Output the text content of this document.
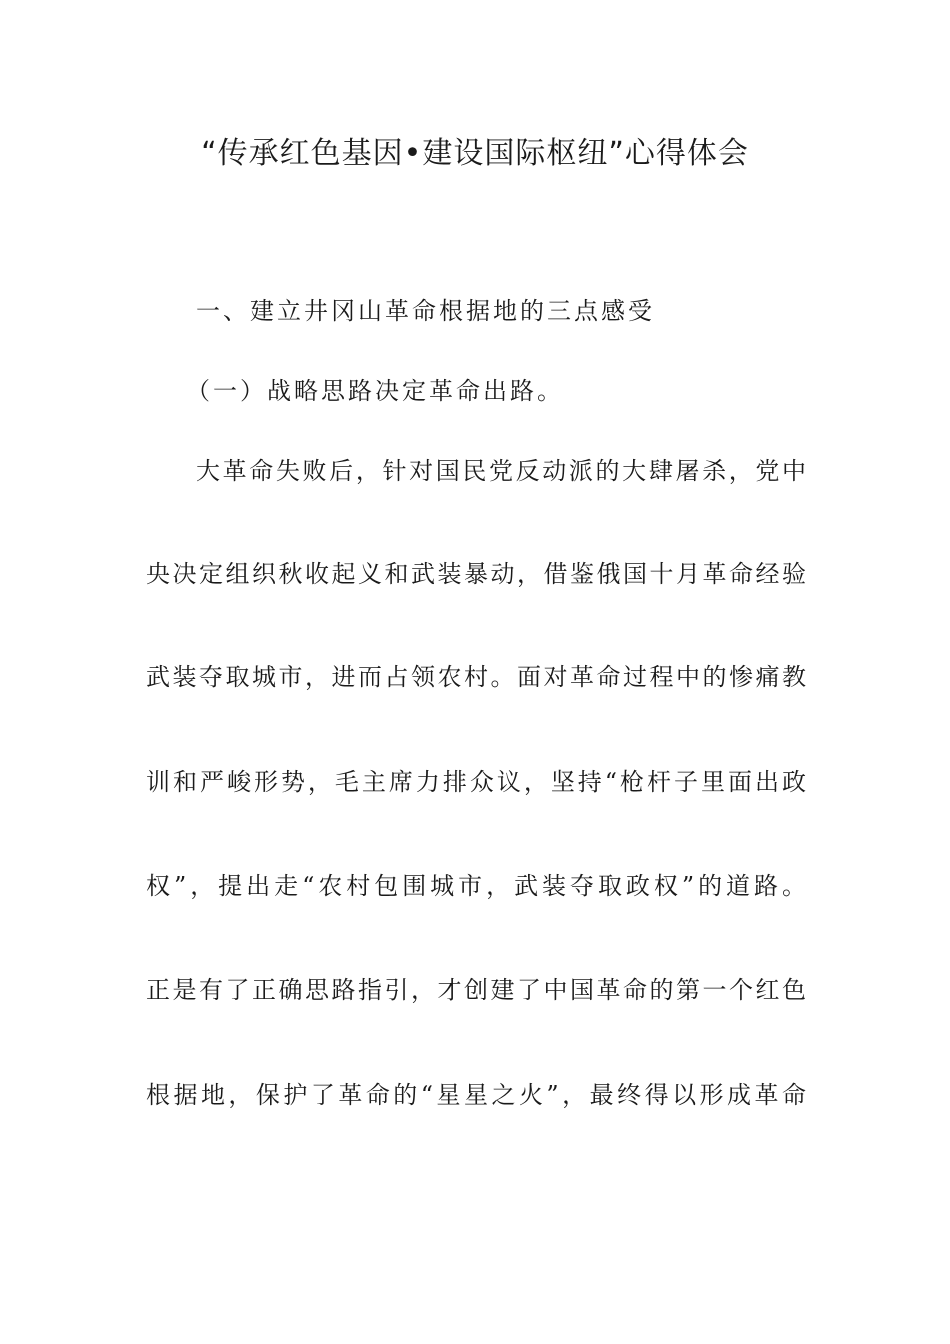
“传承红色基因•建设国际枢纽”心得体会

一、建立井冈山革命根据地的三点感受

（一）战略思路决定革命出路。

大革命失败后，针对国民党反动派的大肆屠杀，党中

央决定组织秋收起义和武装暴动，借鉴俄国十月革命经验

武装夺取城市，进而占领农村。面对革命过程中的惨痛教

训和严峻形势，毛主席力排众议，坚持“枪杆子里面出政

权”，提出走“农村包围城市，武装夺取政权”的道路。

正是有了正确思路指引，才创建了中国革命的第一个红色

根据地，保护了革命的“星星之火”，最终得以形成革命
